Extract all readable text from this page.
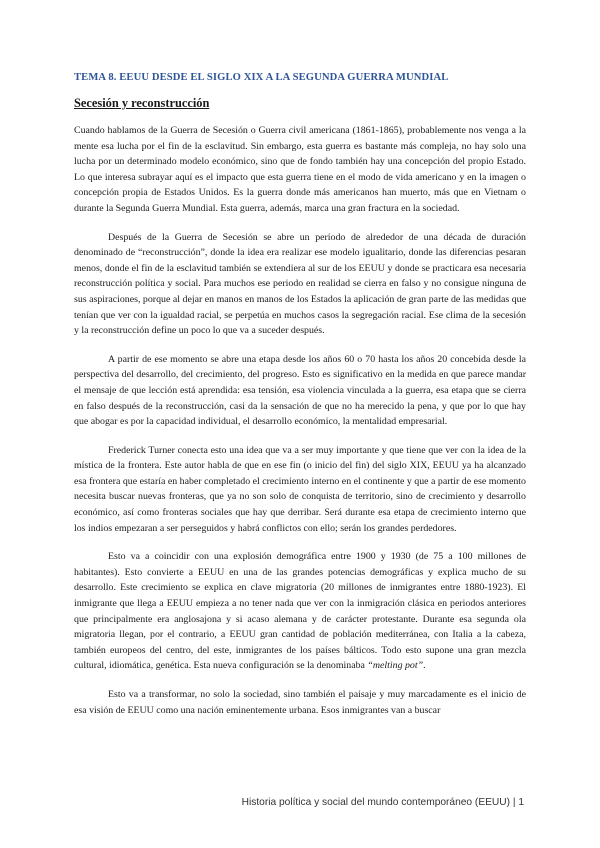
TEMA 8. EEUU DESDE EL SIGLO XIX A LA SEGUNDA GUERRA MUNDIAL
Secesión y reconstrucción

Cuando hablamos de la Guerra de Secesión o Guerra civil americana (1861-1865), probablemente nos venga a la mente esa lucha por el fin de la esclavitud. Sin embargo, esta guerra es bastante más compleja, no hay solo una lucha por un determinado modelo económico, sino que de fondo también hay una concepción del propio Estado. Lo que interesa subrayar aquí es el impacto que esta guerra tiene en el modo de vida americano y en la imagen o concepción propia de Estados Unidos. Es la guerra donde más americanos han muerto, más que en Vietnam o durante la Segunda Guerra Mundial. Esta guerra, además, marca una gran fractura en la sociedad.

Después de la Guerra de Secesión se abre un período de alrededor de una década de duración denominado de “reconstrucción”, donde la idea era realizar ese modelo igualitario, donde las diferencias pesaran menos, donde el fin de la esclavitud también se extendiera al sur de los EEUU y donde se practicara esa necesaria reconstrucción política y social. Para muchos ese periodo en realidad se cierra en falso y no consigue ninguna de sus aspiraciones, porque al dejar en manos en manos de los Estados la aplicación de gran parte de las medidas que tenían que ver con la igualdad racial, se perpetúa en muchos casos la segregación racial. Ese clima de la secesión y la reconstrucción define un poco lo que va a suceder después.

A partir de ese momento se abre una etapa desde los años 60 o 70 hasta los años 20 concebida desde la perspectiva del desarrollo, del crecimiento, del progreso. Esto es significativo en la medida en que parece mandar el mensaje de que lección está aprendida: esa tensión, esa violencia vinculada a la guerra, esa etapa que se cierra en falso después de la reconstrucción, casi da la sensación de que no ha merecido la pena, y que por lo que hay que abogar es por la capacidad individual, el desarrollo económico, la mentalidad empresarial.

Frederick Turner conecta esto una idea que va a ser muy importante y que tiene que ver con la idea de la mística de la frontera. Este autor habla de que en ese fin (o inicio del fin) del siglo XIX, EEUU ya ha alcanzado esa frontera que estaría en haber completado el crecimiento interno en el continente y que a partir de ese momento necesita buscar nuevas fronteras, que ya no son solo de conquista de territorio, sino de crecimiento y desarrollo económico, así como fronteras sociales que hay que derribar. Será durante esa etapa de crecimiento interno que los indios empezaran a ser perseguidos y habrá conflictos con ello; serán los grandes perdedores.

Esto va a coincidir con una explosión demográfica entre 1900 y 1930 (de 75 a 100 millones de habitantes). Esto convierte a EEUU en una de las grandes potencias demográficas y explica mucho de su desarrollo. Este crecimiento se explica en clave migratoria (20 millones de inmigrantes entre 1880-1923). El inmigrante que llega a EEUU empieza a no tener nada que ver con la inmigración clásica en periodos anteriores que principalmente era anglosajona y si acaso alemana y de carácter protestante. Durante esa segunda ola migratoria llegan, por el contrario, a EEUU gran cantidad de población mediterránea, con Italia a la cabeza, también europeos del centro, del este, inmigrantes de los países bálticos. Todo esto supone una gran mezcla cultural, idiomática, genética. Esta nueva configuración se la denominaba “melting pot”.

Esto va a transformar, no solo la sociedad, sino también el paisaje y muy marcadamente es el inicio de esa visión de EEUU como una nación eminentemente urbana. Esos inmigrantes van a buscar

Historia política y social del mundo contemporáneo (EEUU) | 1
